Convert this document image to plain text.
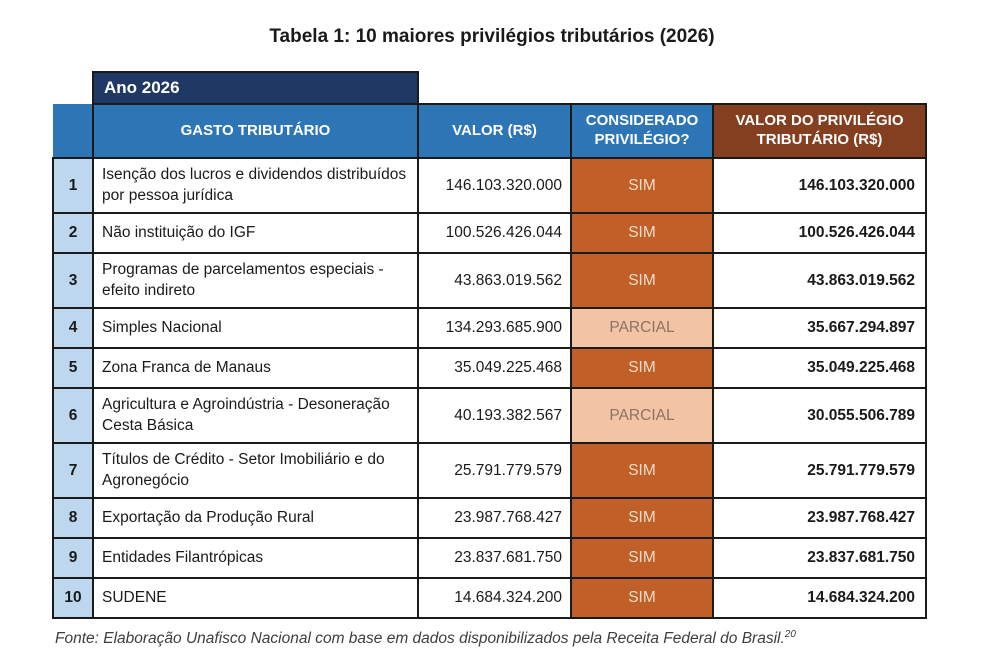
Tabela 1: 10 maiores privilégios tributários (2026)
Ano 2026
	GASTO TRIBUTÁRIO	VALOR (R$)	CONSIDERADO PRIVILÉGIO?	VALOR DO PRIVILÉGIO TRIBUTÁRIO (R$)
1	Isenção dos lucros e dividendos distribuídos por pessoa jurídica	146.103.320.000	SIM	146.103.320.000
2	Não instituição do IGF	100.526.426.044	SIM	100.526.426.044
3	Programas de parcelamentos especiais - efeito indireto	43.863.019.562	SIM	43.863.019.562
4	Simples Nacional	134.293.685.900	PARCIAL	35.667.294.897
5	Zona Franca de Manaus	35.049.225.468	SIM	35.049.225.468
6	Agricultura e Agroindústria - Desoneração Cesta Básica	40.193.382.567	PARCIAL	30.055.506.789
7	Títulos de Crédito - Setor Imobiliário e do Agronegócio	25.791.779.579	SIM	25.791.779.579
8	Exportação da Produção Rural	23.987.768.427	SIM	23.987.768.427
9	Entidades Filantrópicas	23.837.681.750	SIM	23.837.681.750
10	SUDENE	14.684.324.200	SIM	14.684.324.200
Fonte: Elaboração Unafisco Nacional com base em dados disponibilizados pela Receita Federal do Brasil.$^{20}$
